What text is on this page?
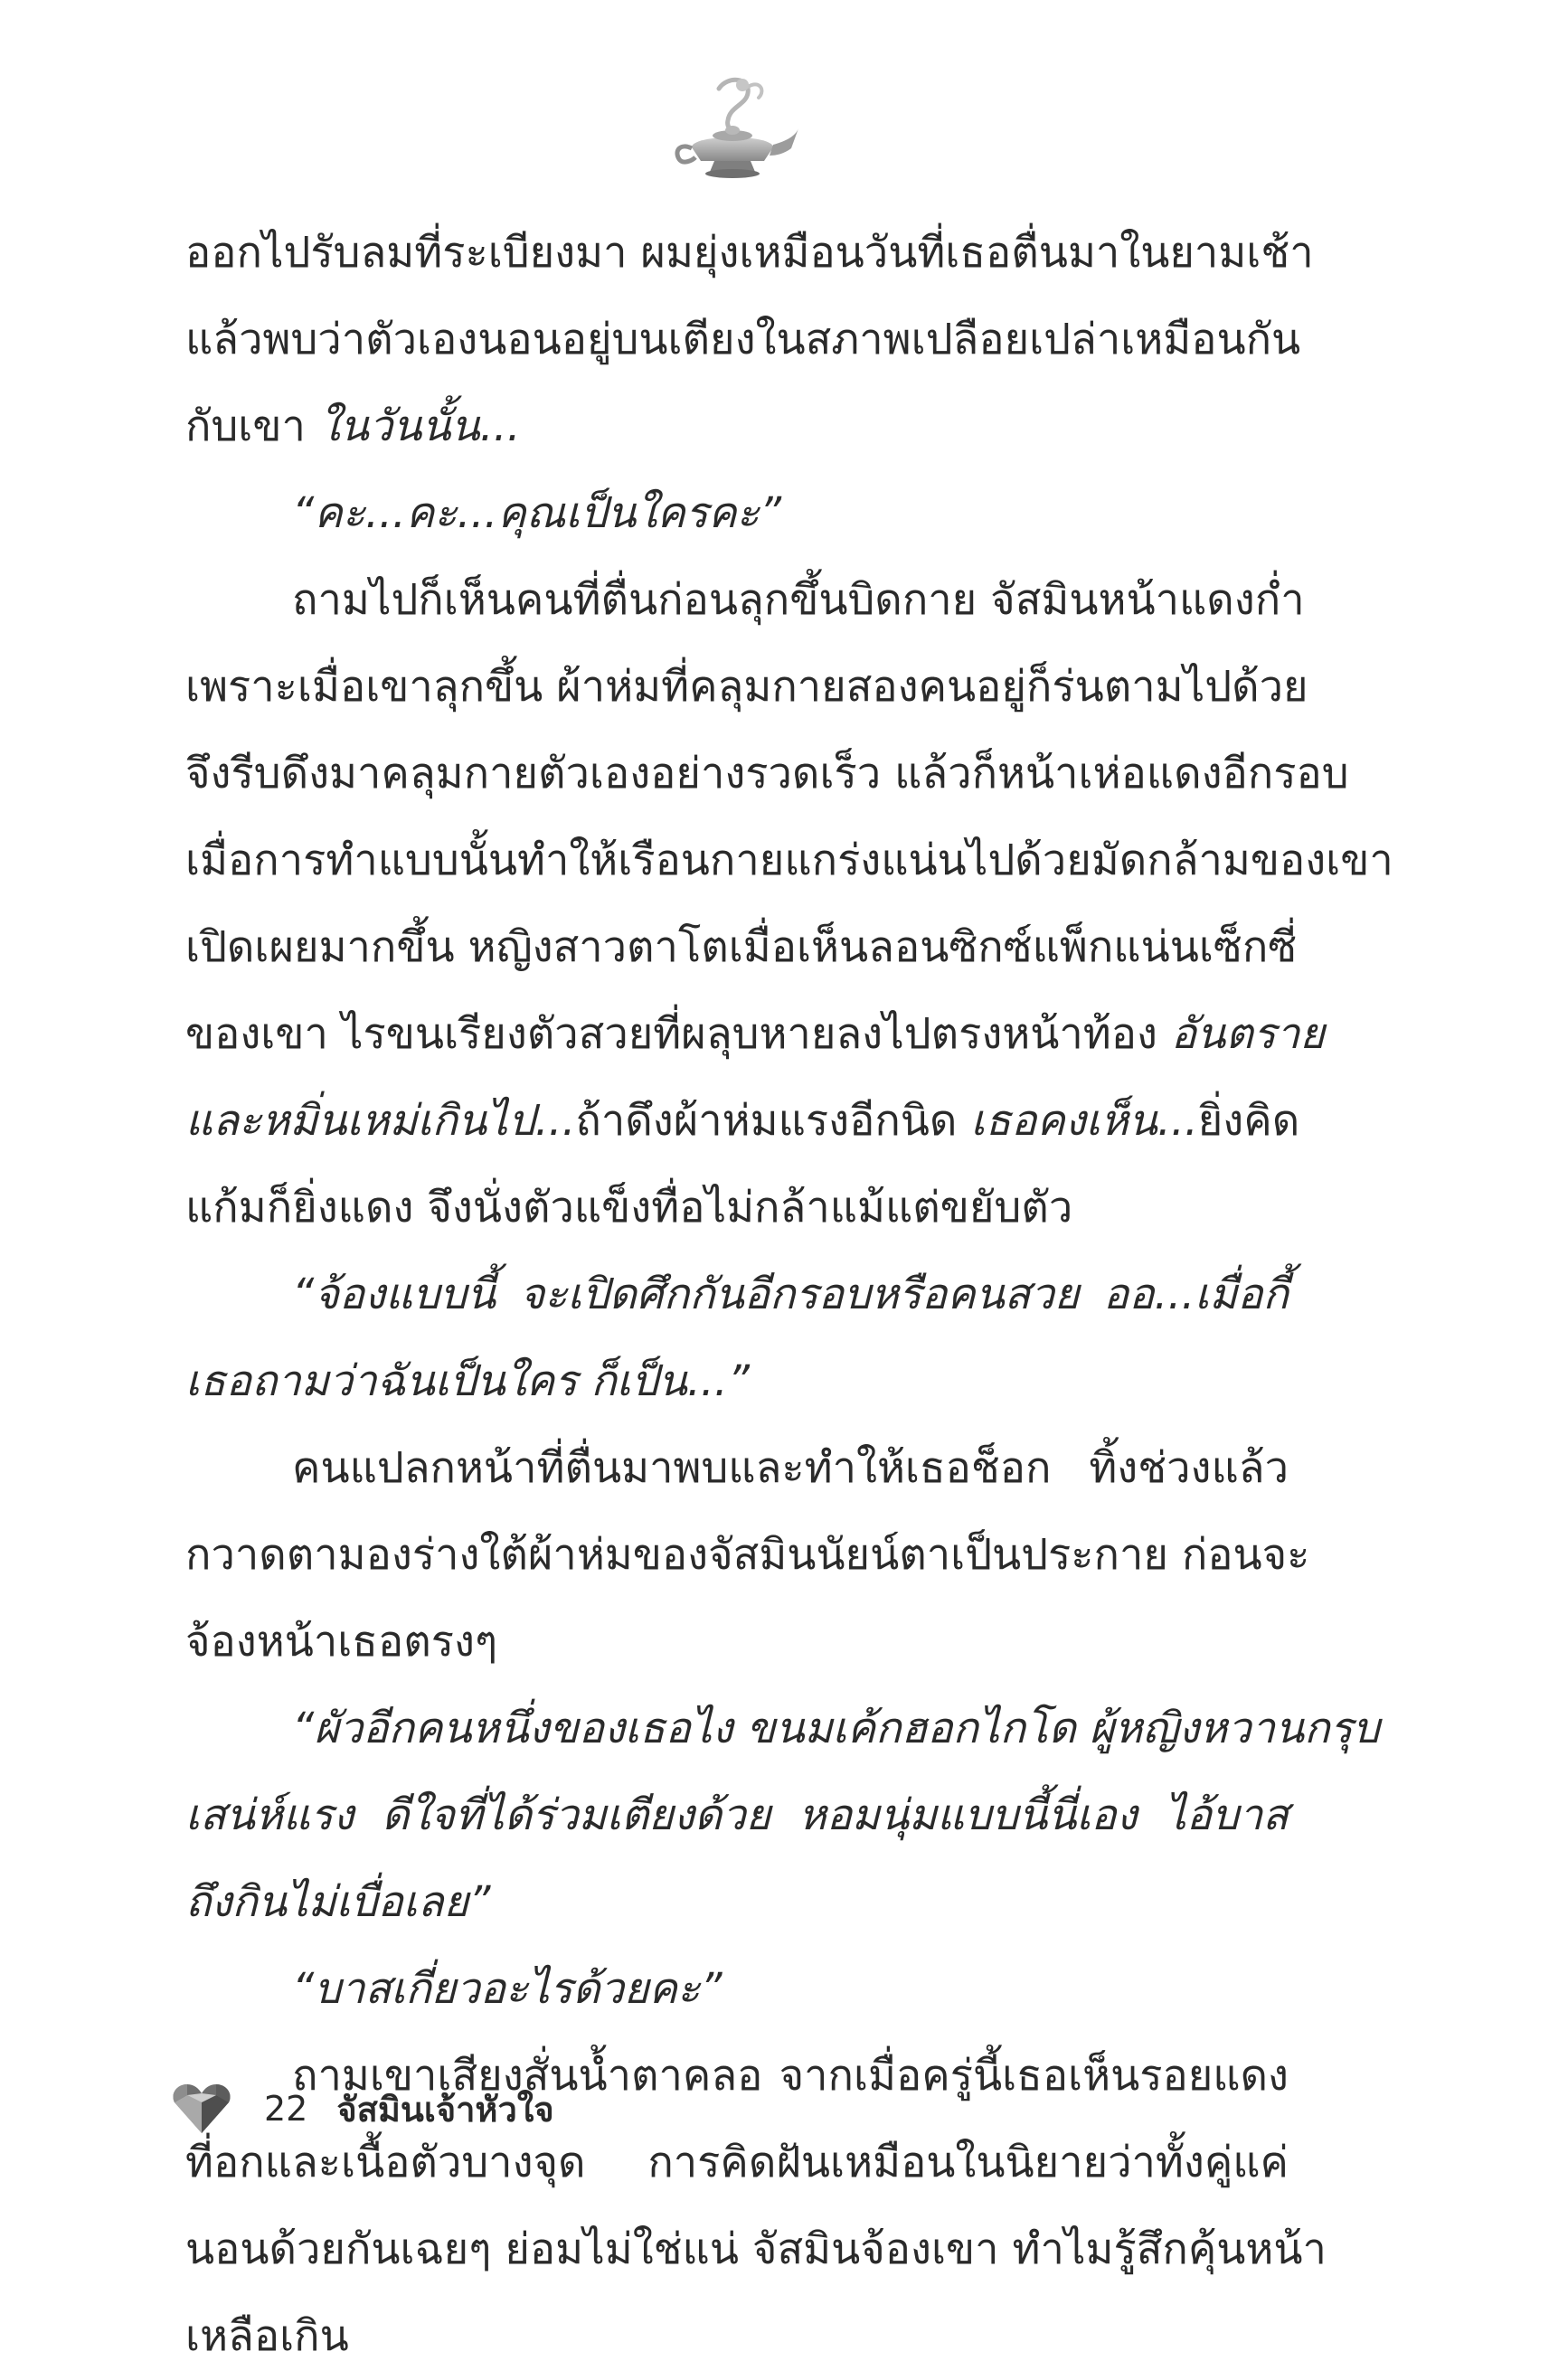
ออกไปรับลมที่ระเบียงมา ผมยุ่งเหมือนวันที่เธอตื่นมาในยามเช้า
แล้วพบว่าตัวเองนอนอยู่บนเตียงในสภาพเปลือยเปล่าเหมือนกัน
กับเขา ในวันนั้น...
“คะ...คะ...คุณเป็นใครคะ”
ถามไปก็เห็นคนที่ตื่นก่อนลุกขึ้นบิดกาย จัสมินหน้าแดงก่ำ
เพราะเมื่อเขาลุกขึ้น ผ้าห่มที่คลุมกายสองคนอยู่ก็ร่นตามไปด้วย
จึงรีบดึงมาคลุมกายตัวเองอย่างรวดเร็ว แล้วก็หน้าเห่อแดงอีกรอบ
เมื่อการทำแบบนั้นทำให้เรือนกายแกร่งแน่นไปด้วยมัดกล้ามของเขา
เปิดเผยมากขึ้น หญิงสาวตาโตเมื่อเห็นลอนซิกซ์แพ็กแน่นเซ็กซี่
ของเขา ไรขนเรียงตัวสวยที่ผลุบหายลงไปตรงหน้าท้อง อันตราย
และหมิ่นเหม่เกินไป...ถ้าดึงผ้าห่มแรงอีกนิด เธอคงเห็น...ยิ่งคิด
แก้มก็ยิ่งแดง จึงนั่งตัวแข็งทื่อไม่กล้าแม้แต่ขยับตัว
“จ้องแบบนี้ จะเปิดศึกกันอีกรอบหรือคนสวย ออ...เมื่อกี้
เธอถามว่าฉันเป็นใคร ก็เป็น...”
คนแปลกหน้าที่ตื่นมาพบและทำให้เธอช็อก ทิ้งช่วงแล้ว
กวาดตามองร่างใต้ผ้าห่มของจัสมินนัยน์ตาเป็นประกาย ก่อนจะ
จ้องหน้าเธอตรงๆ
“ผัวอีกคนหนึ่งของเธอไง ขนมเค้กฮอกไกโด ผู้หญิงหวานกรุบ
เสน่ห์แรง ดีใจที่ได้ร่วมเตียงด้วย หอมนุ่มแบบนี้นี่เอง ไอ้บาส
ถึงกินไม่เบื่อเลย”
“บาสเกี่ยวอะไรด้วยคะ”
ถามเขาเสียงสั่นน้ำตาคลอ จากเมื่อครู่นี้เธอเห็นรอยแดง
ที่อกและเนื้อตัวบางจุด การคิดฝันเหมือนในนิยายว่าทั้งคู่แค่
นอนด้วยกันเฉยๆ ย่อมไม่ใช่แน่ จัสมินจ้องเขา ทำไมรู้สึกคุ้นหน้า
เหลือเกิน
22 จัสมินเจ้าหัวใจ
